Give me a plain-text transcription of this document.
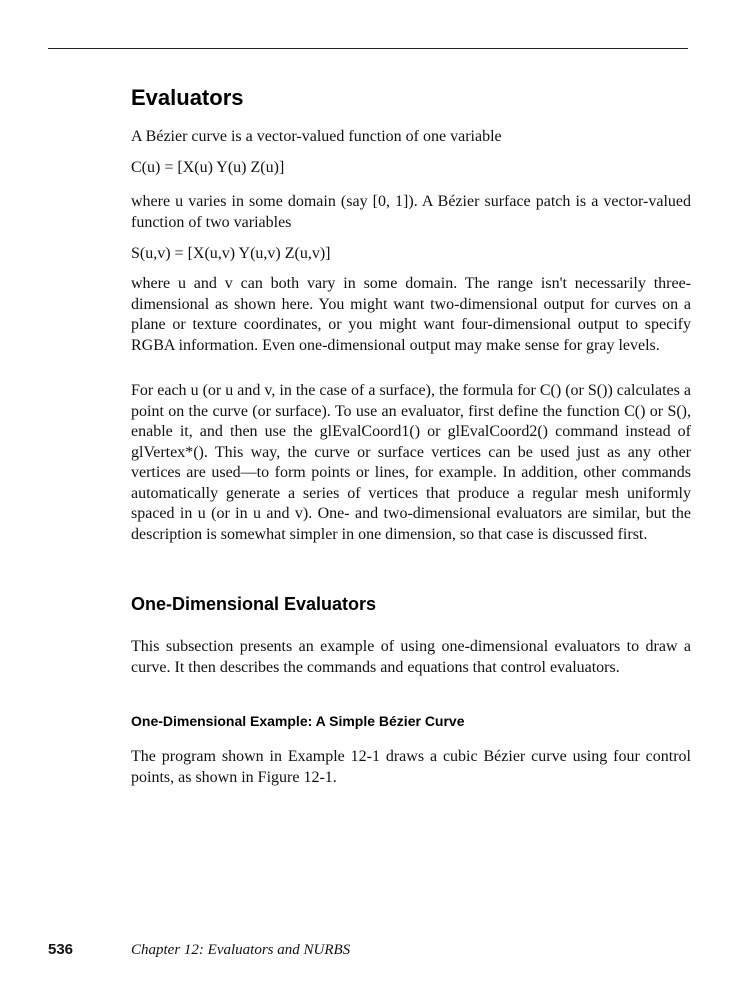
Evaluators

A Bézier curve is a vector-valued function of one variable

C(u) = [X(u) Y(u) Z(u)]

where u varies in some domain (say [0, 1]). A Bézier surface patch is a vector-valued function of two variables

S(u,v) = [X(u,v) Y(u,v) Z(u,v)]

where u and v can both vary in some domain. The range isn't necessarily three-dimensional as shown here. You might want two-dimensional output for curves on a plane or texture coordinates, or you might want four-dimensional output to specify RGBA information. Even one-dimensional output may make sense for gray levels.

For each u (or u and v, in the case of a surface), the formula for C() (or S()) calculates a point on the curve (or surface). To use an evaluator, first define the function C() or S(), enable it, and then use the glEvalCoord1() or glEvalCoord2() command instead of glVertex*(). This way, the curve or surface vertices can be used just as any other vertices are used—to form points or lines, for example. In addition, other commands automatically generate a series of vertices that produce a regular mesh uniformly spaced in u (or in u and v). One- and two-dimensional evaluators are similar, but the description is somewhat simpler in one dimension, so that case is discussed first.

One-Dimensional Evaluators

This subsection presents an example of using one-dimensional evaluators to draw a curve. It then describes the commands and equations that control evaluators.

One-Dimensional Example: A Simple Bézier Curve

The program shown in Example 12-1 draws a cubic Bézier curve using four control points, as shown in Figure 12-1.

536	Chapter 12: Evaluators and NURBS
